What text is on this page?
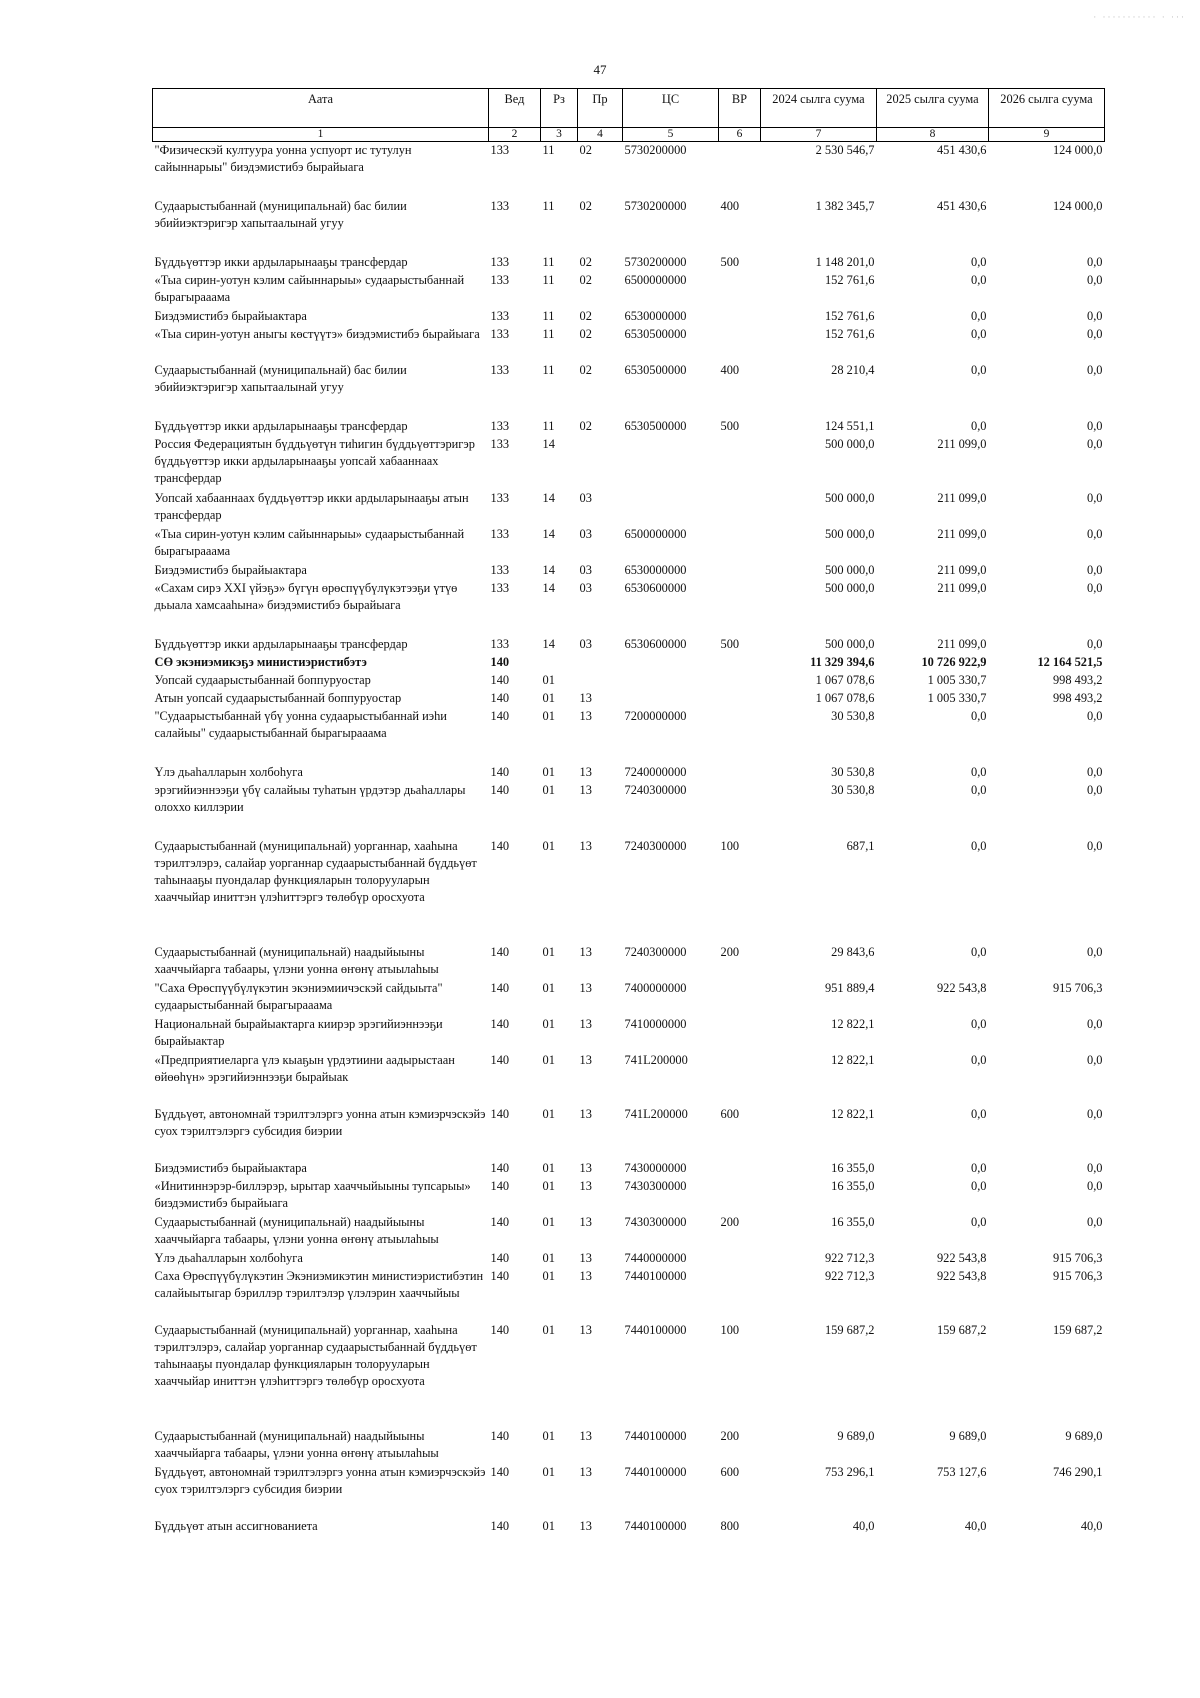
47
· ··········· · ···
Аата	Вед	Рз	Пр	ЦС	ВР	2024 сылга суума	2025 сылга суума	2026 сылга суума
1	2	3	4	5	6	7	8	9
"Физическэй култуура уонна успуорт ис тутулун сайыннарыы" биэдэмистибэ бырайыага	133	11	02	5730200000		2 530 546,7	451 430,6	124 000,0
Судаарыстыбаннай (муниципальнай) бас билии эбийиэктэригэр хапытаалынай угуу	133	11	02	5730200000	400	1 382 345,7	451 430,6	124 000,0
Бүддьүөттэр икки ардыларынааҕы трансфердар	133	11	02	5730200000	500	1 148 201,0	0,0	0,0
«Тыа сирин-уотун кэлим сайыннарыы» судаарыстыбаннай бырагырааама	133	11	02	6500000000		152 761,6	0,0	0,0
Биэдэмистибэ бырайыактара	133	11	02	6530000000		152 761,6	0,0	0,0
«Тыа сирин-уотун аныгы көстүүтэ» биэдэмистибэ бырайыага	133	11	02	6530500000		152 761,6	0,0	0,0
Судаарыстыбаннай (муниципальнай) бас билии эбийиэктэригэр хапытаалынай угуу	133	11	02	6530500000	400	28 210,4	0,0	0,0
Бүддьүөттэр икки ардыларынааҕы трансфердар	133	11	02	6530500000	500	124 551,1	0,0	0,0
Россия Федерациятын бүддьүөтүн тиһигин бүддьүөттэригэр бүддьүөттэр икки ардыларынааҕы уопсай хабааннаах трансфердар	133	14				500 000,0	211 099,0	0,0
Уопсай хабааннаах бүддьүөттэр икки ардыларынааҕы атын трансфердар	133	14	03			500 000,0	211 099,0	0,0
«Тыа сирин-уотун кэлим сайыннарыы» судаарыстыбаннай бырагырааама	133	14	03	6500000000		500 000,0	211 099,0	0,0
Биэдэмистибэ бырайыактара	133	14	03	6530000000		500 000,0	211 099,0	0,0
«Сахам сирэ XXI үйэҕэ» бүгүн өрөспүүбүлүкэтээҕи үтүө дьыала хамсааһына» биэдэмистибэ бырайыага	133	14	03	6530600000		500 000,0	211 099,0	0,0
Бүддьүөттэр икки ардыларынааҕы трансфердар	133	14	03	6530600000	500	500 000,0	211 099,0	0,0
СӨ экэниэмикэҕэ министиэристибэтэ	140					11 329 394,6	10 726 922,9	12 164 521,5
Уопсай судаарыстыбаннай боппуруостар	140	01				1 067 078,6	1 005 330,7	998 493,2
Атын уопсай судаарыстыбаннай боппуруостар	140	01	13			1 067 078,6	1 005 330,7	998 493,2
"Судаарыстыбаннай үбү уонна судаарыстыбаннай иэһи салайыы" судаарыстыбаннай бырагырааама	140	01	13	7200000000		30 530,8	0,0	0,0
Үлэ дьаһалларын холбоһуга	140	01	13	7240000000		30 530,8	0,0	0,0
эрэгийиэннээҕи үбү салайыы туһатын үрдэтэр дьаһаллары олоххо киллэрии	140	01	13	7240300000		30 530,8	0,0	0,0
Судаарыстыбаннай (муниципальнай) уорганнар, хааһына тэрилтэлэрэ, салайар уорганнар судаарыстыбаннай бүддьүөт таһынааҕы пуондалар функцияларын толорууларын хааччыйар иниттэн үлэһиттэргэ төлөбүр оросхуота	140	01	13	7240300000	100	687,1	0,0	0,0
Судаарыстыбаннай (муниципальнай) наадыйыыны хааччыйарга табаары, үлэни уонна өҥөнү атыылаһыы	140	01	13	7240300000	200	29 843,6	0,0	0,0
"Саха Өрөспүүбүлүкэтин экэниэмиичэскэй сайдыыта" судаарыстыбаннай бырагырааама	140	01	13	7400000000		951 889,4	922 543,8	915 706,3
Национальнай бырайыактарга киирэр эрэгийиэннээҕи бырайыактар	140	01	13	7410000000		12 822,1	0,0	0,0
«Предприятиеларга үлэ кыаҕын үрдэтиини аадырыстаан өйөөһүн» эрэгийиэннээҕи бырайыак	140	01	13	741L200000		12 822,1	0,0	0,0
Бүддьүөт, автономнай тэрилтэлэргэ уонна атын кэмиэрчэскэйэ суох тэрилтэлэргэ субсидия биэрии	140	01	13	741L200000	600	12 822,1	0,0	0,0
Биэдэмистибэ бырайыактара	140	01	13	7430000000		16 355,0	0,0	0,0
«Инитиннэрэр-биллэрэр, ырытар хааччыйыыны тупсарыы» биэдэмистибэ бырайыага	140	01	13	7430300000		16 355,0	0,0	0,0
Судаарыстыбаннай (муниципальнай) наадыйыыны хааччыйарга табаары, үлэни уонна өҥөнү атыылаһыы	140	01	13	7430300000	200	16 355,0	0,0	0,0
Үлэ дьаһалларын холбоһуга	140	01	13	7440000000		922 712,3	922 543,8	915 706,3
Саха Өрөспүүбүлүкэтин Экэниэмикэтин министиэристибэтин салайыытыгар бэриллэр тэрилтэлэр үлэлэрин хааччыйыы	140	01	13	7440100000		922 712,3	922 543,8	915 706,3
Судаарыстыбаннай (муниципальнай) уорганнар, хааһына тэрилтэлэрэ, салайар уорганнар судаарыстыбаннай бүддьүөт таһынааҕы пуондалар функцияларын толорууларын хааччыйар иниттэн үлэһиттэргэ төлөбүр оросхуота	140	01	13	7440100000	100	159 687,2	159 687,2	159 687,2
Судаарыстыбаннай (муниципальнай) наадыйыыны хааччыйарга табаары, үлэни уонна өҥөнү атыылаһыы	140	01	13	7440100000	200	9 689,0	9 689,0	9 689,0
Бүддьүөт, автономнай тэрилтэлэргэ уонна атын кэмиэрчэскэйэ суох тэрилтэлэргэ субсидия биэрии	140	01	13	7440100000	600	753 296,1	753 127,6	746 290,1
Бүддьүөт атын ассигнованиета	140	01	13	7440100000	800	40,0	40,0	40,0
